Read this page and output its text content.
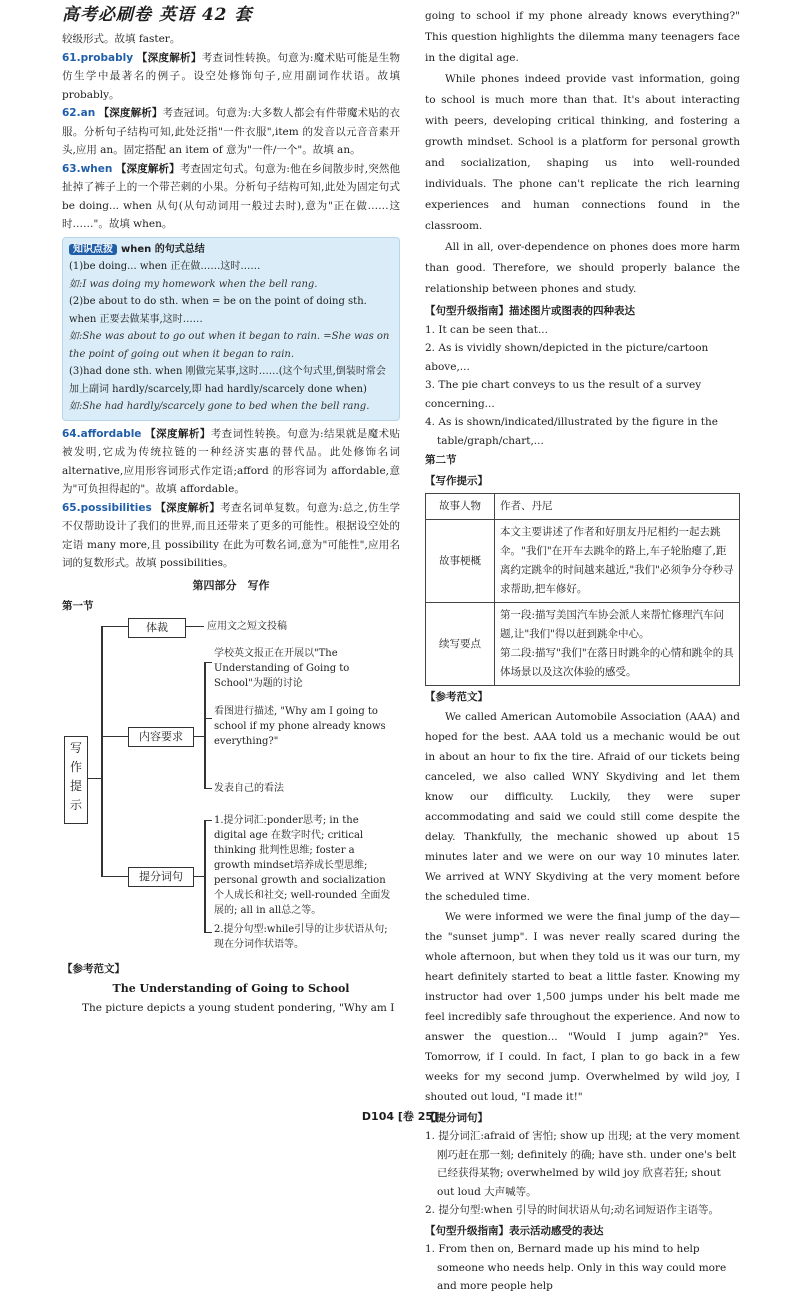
高考必刷卷 英语 42 套

较级形式。故填 faster。

61.probably 【深度解析】考查词性转换。句意为:魔术贴可能是生物仿生学中最著名的例子。设空处修饰句子,应用副词作状语。故填 probably。

62.an 【深度解析】考查冠词。句意为:大多数人都会有件带魔术贴的衣服。分析句子结构可知,此处泛指"一件衣服",item 的发音以元音音素开头,应用 an。固定搭配 an item of 意为"一件/一个"。故填 an。

63.when 【深度解析】考查固定句式。句意为:他在乡间散步时,突然他扯掉了裤子上的一个带芒刺的小果。分析句子结构可知,此处为固定句式 be doing... when 从句(从句动词用一般过去时),意为"正在做……这时……"。故填 when。

知识点拨 when 的句式总结
(1)be doing... when 正在做……这时……
如:I was doing my homework when the bell rang.
(2)be about to do sth. when = be on the point of doing sth. when 正要去做某事,这时……
如:She was about to go out when it began to rain. =She was on the point of going out when it began to rain.
(3)had done sth. when 刚做完某事,这时……(这个句式里,倒装时常会加上副词 hardly/scarcely,即 had hardly/scarcely done when)
如:She had hardly/scarcely gone to bed when the bell rang.

64.affordable 【深度解析】考查词性转换。句意为:结果就是魔术贴被发明,它成为传统拉链的一种经济实惠的替代品。此处修饰名词 alternative,应用形容词形式作定语;afford 的形容词为 affordable,意为"可负担得起的"。故填 affordable。

65.possibilities 【深度解析】考查名词单复数。句意为:总之,仿生学不仅帮助设计了我们的世界,而且还带来了更多的可能性。根据设空处的定语 many more,且 possibility 在此为可数名词,意为"可能性",应用名词的复数形式。故填 possibilities。

第四部分　写作
第一节
写作提示
体裁	应用文之短文投稿
内容要求
学校英文报正在开展以"The Understanding of Going to School"为题的讨论
看图进行描述, "Why am I going to school if my phone already knows everything?"
发表自己的看法
提分词句
1.提分词汇:ponder思考; in the digital age 在数字时代; critical thinking 批判性思维; foster a growth mindset培养成长型思维; personal growth and socialization 个人成长和社交; well-rounded 全面发展的; all in all总之等。
2.提分句型:while引导的让步状语从句;现在分词作状语等。
【参考范文】
The Understanding of Going to School

The picture depicts a young student pondering, "Why am I

going to school if my phone already knows everything?" This question highlights the dilemma many teenagers face in the digital age.

While phones indeed provide vast information, going to school is much more than that. It's about interacting with peers, developing critical thinking, and fostering a growth mindset. School is a platform for personal growth and socialization, shaping us into well-rounded individuals. The phone can't replicate the rich learning experiences and human connections found in the classroom.

All in all, over-dependence on phones does more harm than good. Therefore, we should properly balance the relationship between phones and study.

【句型升级指南】描述图片或图表的四种表达
1. It can be seen that...
2. As is vividly shown/depicted in the picture/cartoon above,...
3. The pie chart conveys to us the result of a survey concerning...
4. As is shown/indicated/illustrated by the figure in the table/graph/chart,...
第二节
【写作提示】
故事人物	作者、丹尼
故事梗概	本文主要讲述了作者和好朋友丹尼相约一起去跳伞。"我们"在开车去跳伞的路上,车子轮胎瘪了,距离约定跳伞的时间越来越近,"我们"必须争分夺秒寻求帮助,把车修好。
续写要点	第一段:描写美国汽车协会派人来帮忙修理汽车问题,让"我们"得以赶到跳伞中心。
第二段:描写"我们"在落日时跳伞的心情和跳伞的具体场景以及这次体验的感受。
【参考范文】

We called American Automobile Association (AAA) and hoped for the best. AAA told us a mechanic would be out in about an hour to fix the tire. Afraid of our tickets being canceled, we also called WNY Skydiving and let them know our difficulty. Luckily, they were super accommodating and said we could still come despite the delay. Thankfully, the mechanic showed up about 15 minutes later and we were on our way 10 minutes later. We arrived at WNY Skydiving at the very moment before the scheduled time.

We were informed we were the final jump of the day—the "sunset jump". I was never really scared during the whole afternoon, but when they told us it was our turn, my heart definitely started to beat a little faster. Knowing my instructor had over 1,500 jumps under his belt made me feel incredibly safe throughout the experience. And now to answer the question... "Would I jump again?" Yes. Tomorrow, if I could. In fact, I plan to go back in a few weeks for my second jump. Overwhelmed by wild joy, I shouted out loud, "I made it!"

【提分词句】
1. 提分词汇:afraid of 害怕; show up 出现; at the very moment 刚巧赶在那一刻; definitely 的确; have sth. under one's belt 已经获得某物; overwhelmed by wild joy 欣喜若狂; shout out loud 大声喊等。
2. 提分句型:when 引导的时间状语从句;动名词短语作主语等。
【句型升级指南】表示活动感受的表达
1. From then on, Bernard made up his mind to help someone who needs help. Only in this way could more and more people help
D104 [卷 25]
